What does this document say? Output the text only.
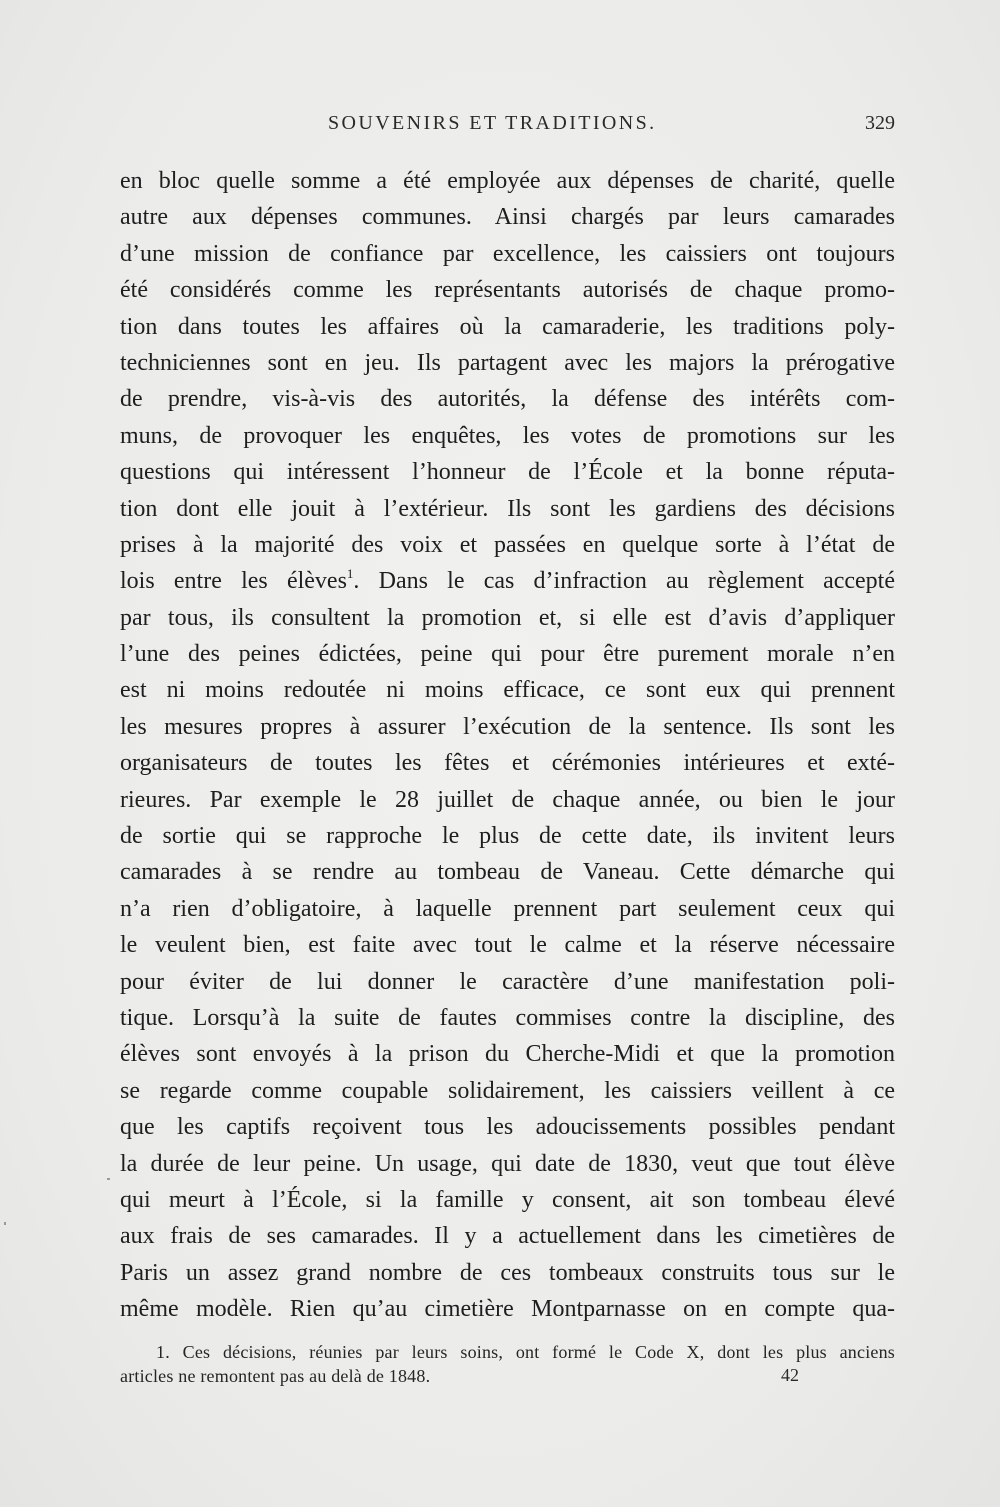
SOUVENIRS ET TRADITIONS.	329
en bloc quelle somme a été employée aux dépenses de charité, quelle
autre aux dépenses communes. Ainsi chargés par leurs camarades
d’une mission de confiance par excellence, les caissiers ont toujours
été considérés comme les représentants autorisés de chaque promo-
tion dans toutes les affaires où la camaraderie, les traditions poly-
techniciennes sont en jeu. Ils partagent avec les majors la prérogative
de prendre, vis-à-vis des autorités, la défense des intérêts com-
muns, de provoquer les enquêtes, les votes de promotions sur les
questions qui intéressent l’honneur de l’École et la bonne réputa-
tion dont elle jouit à l’extérieur. Ils sont les gardiens des décisions
prises à la majorité des voix et passées en quelque sorte à l’état de
lois entre les élèves$^1$. Dans le cas d’infraction au règlement accepté
par tous, ils consultent la promotion et, si elle est d’avis d’appliquer
l’une des peines édictées, peine qui pour être purement morale n’en
est ni moins redoutée ni moins efficace, ce sont eux qui prennent
les mesures propres à assurer l’exécution de la sentence. Ils sont les
organisateurs de toutes les fêtes et cérémonies intérieures et exté-
rieures. Par exemple le 28 juillet de chaque année, ou bien le jour
de sortie qui se rapproche le plus de cette date, ils invitent leurs
camarades à se rendre au tombeau de Vaneau. Cette démarche qui
n’a rien d’obligatoire, à laquelle prennent part seulement ceux qui
le veulent bien, est faite avec tout le calme et la réserve nécessaire
pour éviter de lui donner le caractère d’une manifestation poli-
tique. Lorsqu’à la suite de fautes commises contre la discipline, des
élèves sont envoyés à la prison du Cherche-Midi et que la promotion
se regarde comme coupable solidairement, les caissiers veillent à ce
que les captifs reçoivent tous les adoucissements possibles pendant
la durée de leur peine. Un usage, qui date de 1830, veut que tout élève
qui meurt à l’École, si la famille y consent, ait son tombeau élevé
aux frais de ses camarades. Il y a actuellement dans les cimetières de
Paris un assez grand nombre de ces tombeaux construits tous sur le
même modèle. Rien qu’au cimetière Montparnasse on en compte qua-
1. Ces décisions, réunies par leurs soins, ont formé le Code X, dont les plus anciens
articles ne remontent pas au delà de 1848.	42
